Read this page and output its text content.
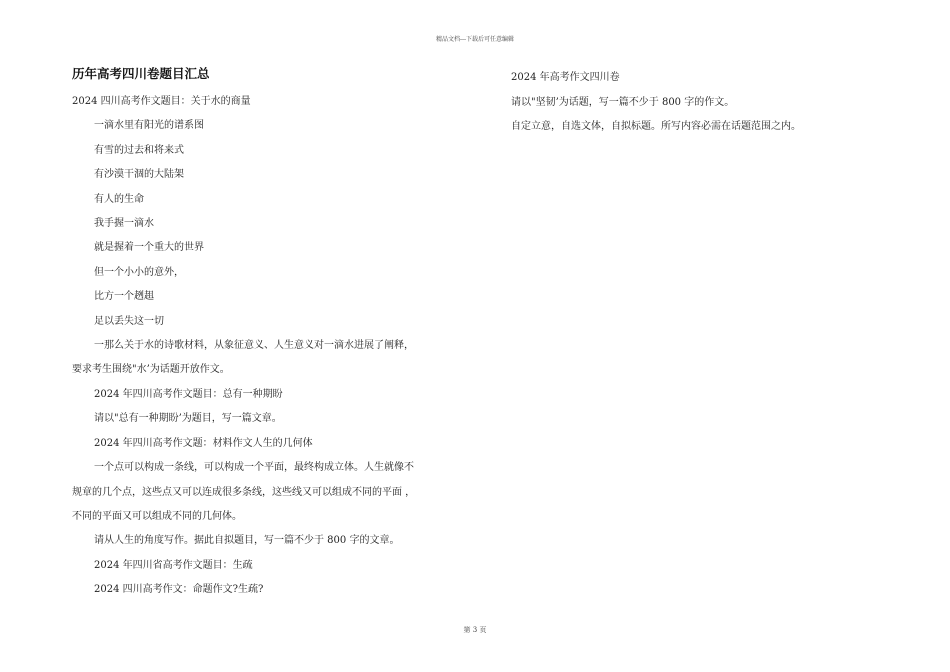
精品文档---下载后可任意编辑
历年高考四川卷题目汇总

2024 四川高考作文题目：关于水的商量

一滴水里有阳光的谱系图

有雪的过去和将来式

有沙漠干涸的大陆架

有人的生命

我手握一滴水

就是握着一个重大的世界

但一个小小的意外，

比方一个趔趄

足以丢失这一切

一那么关于水的诗歌材料，从象征意义、人生意义对一滴水进展了阐释，

要求考生围绕"水’为话题开放作文。

2024 年四川高考作文题目：总有一种期盼

请以"总有一种期盼’为题目，写一篇文章。

2024 年四川高考作文题：材料作文人生的几何体

一个点可以构成一条线，可以构成一个平面，最终构成立体。人生就像不

规章的几个点，这些点又可以连成很多条线，这些线又可以组成不同的平面 ，

不同的平面又可以组成不同的几何体。

请从人生的角度写作。据此自拟题目，写一篇不少于 800 字的文章。

2024 年四川省高考作文题目：生疏

2024 四川高考作文：命题作文?生疏?

2024 年高考作文四川卷

请以"坚韧’为话题，写一篇不少于 800 字的作文。

自定立意，自选文体，自拟标题。所写内容必需在话题范围之内。

第 3 页
